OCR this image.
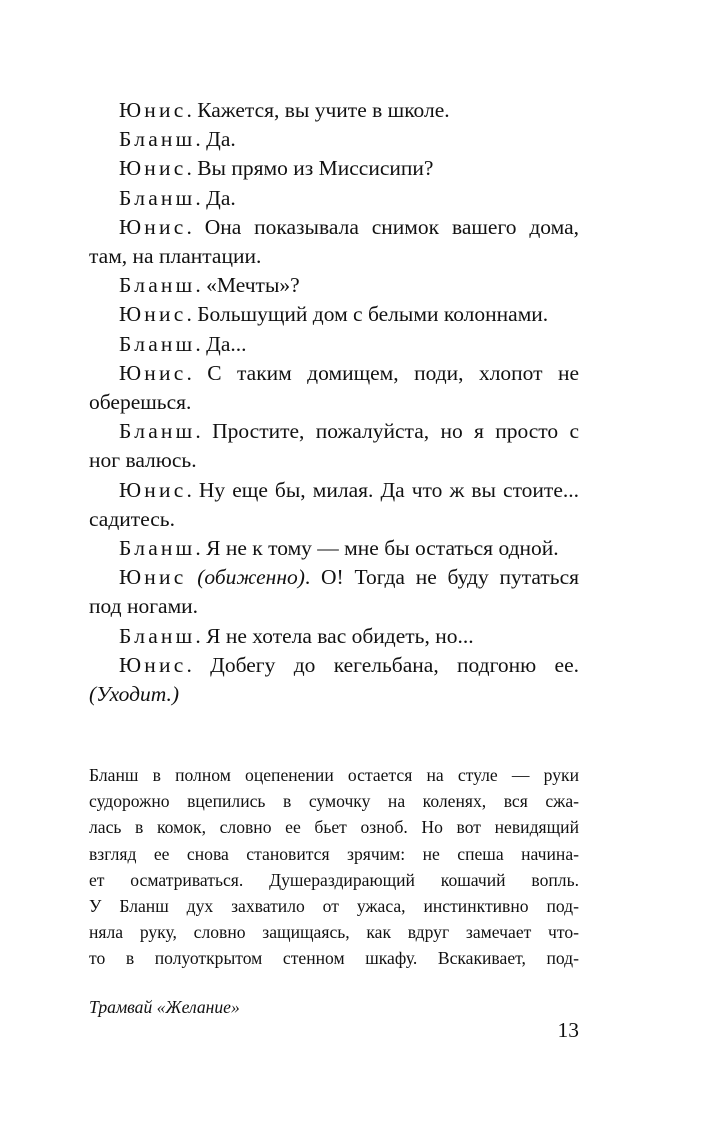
Юнис. Кажется, вы учите в школе.

Бланш. Да.

Юнис. Вы прямо из Миссисипи?

Бланш. Да.

Юнис. Она показывала снимок вашего дома, там, на плантации.

Бланш. «Мечты»?

Юнис. Большущий дом с белыми колоннами.

Бланш. Да...

Юнис. С таким домищем, поди, хлопот не оберешься.

Бланш. Простите, пожалуйста, но я просто с ног валюсь.

Юнис. Ну еще бы, милая. Да что ж вы стоите... садитесь.

Бланш. Я не к тому — мне бы остаться одной.

Юнис (обиженно). О! Тогда не буду путаться под ногами.

Бланш. Я не хотела вас обидеть, но...

Юнис. Добегу до кегельбана, подгоню ее. (Уходит.)

Бланш в полном оцепенении остается на стуле — руки
судорожно вцепились в сумочку на коленях, вся сжа-
лась в комок, словно ее бьет озноб. Но вот невидящий
взгляд ее снова становится зрячим: не спеша начина-
ет осматриваться. Душераздирающий кошачий вопль.
У Бланш дух захватило от ужаса, инстинктивно под-
няла руку, словно защищаясь, как вдруг замечает что-
то в полуоткрытом стенном шкафу. Вскакивает, под-
Трамвай «Желание»
13
